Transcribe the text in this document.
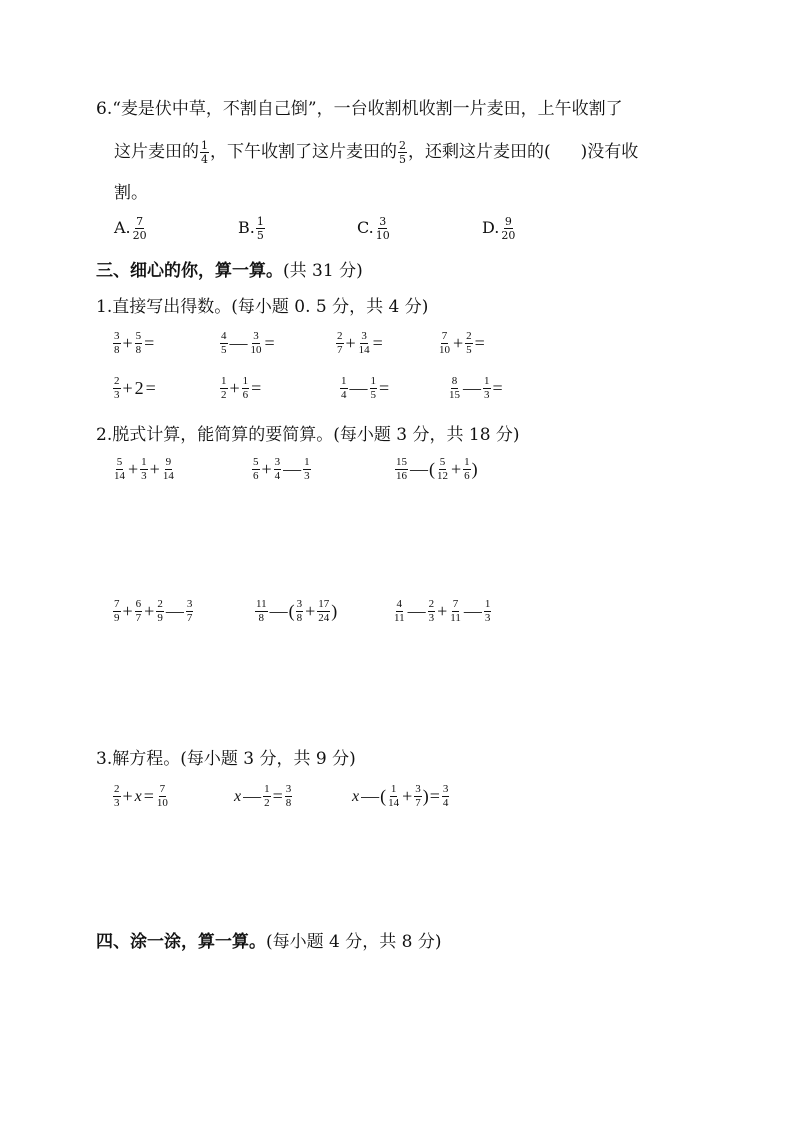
6.“麦是伏中草，不割自己倒”，一台收割机收割一片麦田，上午收割了
这片麦田的 $\frac{1}{4}$ ，下午收割了这片麦田的 $\frac{2}{5}$ ，还剩这片麦田的( )没有收
割。
A. $\frac{7}{20}$	B. $\frac{1}{5}$	C. $\frac{3}{10}$	D. $\frac{9}{20}$
三、细心的你，算一算。(共 31 分)
1.直接写出得数。(每小题 0. 5 分，共 4 分)
$\frac{3}{8} + \frac{5}{8}$ =	$\frac{4}{5}$ — $\frac{3}{10}$ =	$\frac{2}{7} + \frac{3}{14}$ =	$\frac{7}{10} + \frac{2}{5}$ =
$\frac{2}{3} + 2$ =	$\frac{1}{2} + \frac{1}{6}$ =	$\frac{1}{4}$ — $\frac{1}{5}$ =	$\frac{8}{15}$ — $\frac{1}{3}$ =
2.脱式计算，能简算的要简算。(每小题 3 分，共 18 分)
$\frac{5}{14} + \frac{1}{3} + \frac{9}{14}$	$\frac{5}{6} + \frac{3}{4}$ — $\frac{1}{3}$	$\frac{15}{16}$ —( $\frac{5}{12} + \frac{1}{6}$ )
$\frac{7}{9} + \frac{6}{7} + \frac{2}{9}$ — $\frac{3}{7}$	$\frac{11}{8}$ —( $\frac{3}{8} + \frac{17}{24}$ )	$\frac{4}{11}$ — $\frac{2}{3} + \frac{7}{11}$ — $\frac{1}{3}$
3.解方程。(每小题 3 分，共 9 分)
$\frac{2}{3} + x = \frac{7}{10}$	x — $\frac{1}{2} = \frac{3}{8}$	x —( $\frac{1}{14} + \frac{3}{7}$ )= $\frac{3}{4}$
四、涂一涂，算一算。(每小题 4 分，共 8 分)
